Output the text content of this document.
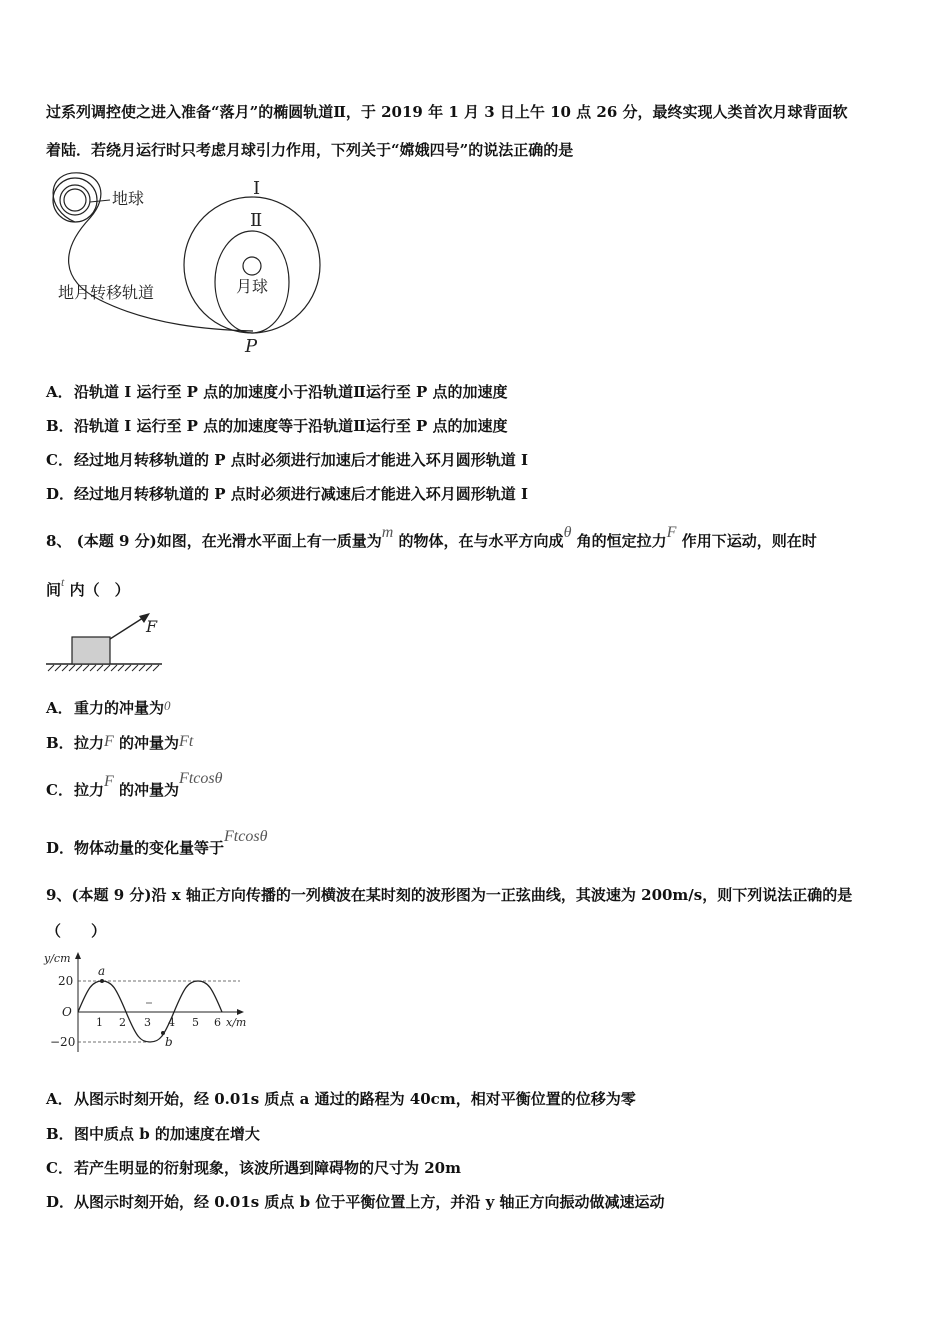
过系列调控使之进入准备“落月”的椭圆轨道Ⅱ，于 2019 年 1 月 3 日上午 10 点 26 分，最终实现人类首次月球背面软
着陆．若绕月运行时只考虑月球引力作用，下列关于“嫦娥四号”的说法正确的是
地球
地月转移轨道
Ⅰ
Ⅱ
月球
P
A．沿轨道 I 运行至 P 点的加速度小于沿轨道Ⅱ运行至 P 点的加速度
B．沿轨道 I 运行至 P 点的加速度等于沿轨道Ⅱ运行至 P 点的加速度
C．经过地月转移轨道的 P 点时必须进行加速后才能进入环月圆形轨道 I
D．经过地月转移轨道的 P 点时必须进行减速后才能进入环月圆形轨道 I
8、 (本题 9 分)如图，在光滑水平面上有一质量为m 的物体，在与水平方向成θ 角的恒定拉力F 作用下运动，则在时
间$^t$ 内（　）
F
A．重力的冲量为0
B．拉力F 的冲量为Ft
C．拉力F 的冲量为Ftcosθ
D．物体动量的变化量等于Ftcosθ
9、(本题 9 分)沿 x 轴正方向传播的一列横波在某时刻的波形图为一正弦曲线，其波速为 200m/s，则下列说法正确的是
（　　）
y/cm
x/m
O
20
−20
1 2 3 4 5 6
a
b
A．从图示时刻开始，经 0.01s 质点 a 通过的路程为 40cm，相对平衡位置的位移为零
B．图中质点 b 的加速度在增大
C．若产生明显的衍射现象，该波所遇到障碍物的尺寸为 20m
D．从图示时刻开始，经 0.01s 质点 b 位于平衡位置上方，并沿 y 轴正方向振动做减速运动
